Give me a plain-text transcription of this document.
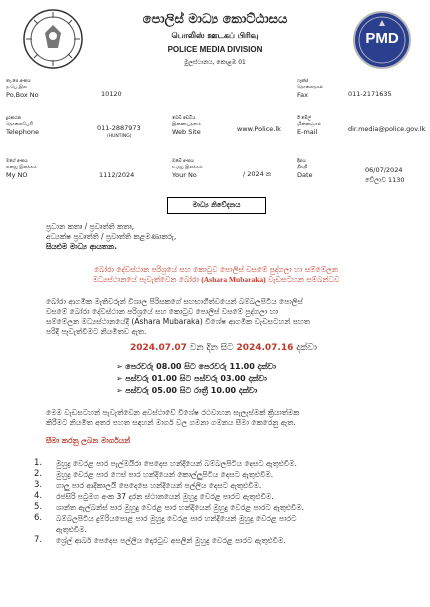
PMD
පොලිස් මාධ්‍ය කොට්ඨාසය
பொலிஸ் ஊடகப் பிரிவு
POLICE MEDIA DIVISION
මුලස්ථානය, කොළඹ 01
තැ.පෙ.අංකය
த.பெ.இல
Po.Box No	10120
ෆැක්ස්
தொலைநகல்
Fax	011-2171635
දුරකථන
தொலைபேசி
Telephone	011-2887973
(HUNTING)
වෙබ් අඩවිය
இணையதளம்
Web Site	www.Police.lk
ඊ මේල්
மின்னஞ்சல்
E-mail	dir.media@police.gov.lk
මගේ අංකය
எனது இலக்கம்
My NO	1112/2024
ඔබේ අංකය
உமது இலக்கம்
Your No	/ 2024 ක
දිනය
திகதி
Date
06/07/2024
වේලාව 1130
මාධ්‍ය නිවේදනය
ප්‍රධාන කතෘ / ප්‍රවෘත්ති කතෘ,
අධ්‍යක්ෂ ප්‍රවෘත්ති / ප්‍රවෘත්ති කළමණාකරු,
සියළුම මාධ්‍ය ආයතන.
බෝරා දේවස්ථාන පරිශ්‍රයේ සහ කොටුව පොලිස් වසමේ පුද්ගලා හා සම්මේලන
මධ්‍යස්ථානයේ පැවැත්වෙන බෝරා (Ashara Mubaraka) වැඩසටහන සම්බන්ධව
බෝරා ආගමික මැතිවරුන් විශාල පිරිසකගේ සහභාගීත්වයෙන් බම්බලපිටිය පොලිස්
වසමේ බෝරා දේවස්ථාන පරිශ්‍රයේ සහ කොටුව පොලිස් වසමේ පුද්ගලා හා
සම්මේලන මධ්‍යස්ථානයේදී (Ashara Mubaraka) විශේෂ ආගමික වැඩසටහන් පහත
පරිදි පැවැත්වීමට නියමිතව ඇත.
2024.07.07 වන දින සිට 2024.07.16 දක්වා
➢ පෙරවරු 08.00 සිට පෙරවරු 11.00 දක්වා
➢ පස්වරු 01.00 සිට පස්වරු 03.00 දක්වා
➢ පස්වරු 05.00 සිට රාත්‍රී 10.00 දක්වා
මෙම වැඩසටහන් පැවැත්වෙන අවස්ථාවේ විශේෂ රථවාහන සැලැස්මක් ක්‍රියාත්මක
කිරීමට නියමිත අතර පහත සඳහන් මාර්ග වල ගමනා ගමනය සීමා කෙරෙනු ඇත.
සීමා කරනු ලබන මාර්ගයන්
1.	මුහුදු වෙරළ පාර පැල්මයිරා පෙදෙස හන්දියෙන් බම්බලපිටිය දෙසට ඇතුළුවීම.
2.	මුහුදු වෙරළ පාර ෆෙස් පාර හන්දියෙන් කොල්ලුපිටිය දෙසට ඇතුළුවීම.
3.	ගාලු පාර ආදිකාලයි පෙදෙසෙ හන්දියෙන් පල්ලිය දෙසට ඇතුළුවීම.
4.	රජසිරි පටුමග අංක 37 දරන ස්ථානයෙන් මුහුදු වෙරළ පාරට ඇතුළුවීම.
5.	ශාන්ත ඇල්බන්ස් පාර මුහුදු වෙරළ පාර හන්දියෙන් මුහුදු වෙරළ පාරට ඇතුළුවීම.
6.	බම්බලපිටිය දුම්රියපොළ පාර මුහුදු වෙරළ පාර හන්දියෙන් මුහුදු වෙරළ පාරට
ඇතුළුවීම.
7.	ශ්‍රේල් ආබර් පෙදෙස පල්ලිය දොරටුව අසලින් මුහුදු වෙරළ පාරට ඇතුළුවීම.
